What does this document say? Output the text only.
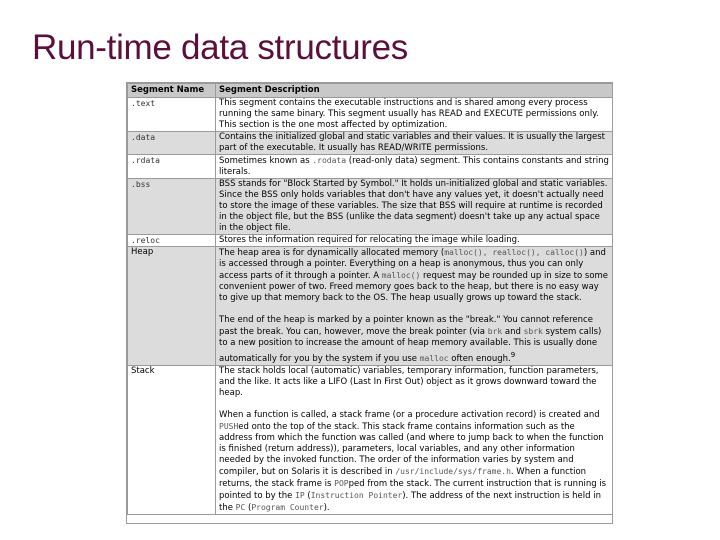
Run-time data structures
Segment Name	Segment Description
.text	This segment contains the executable instructions and is shared among every process running the same binary. This segment usually has READ and EXECUTE permissions only. This section is the one most affected by optimization.
.data	Contains the initialized global and static variables and their values. It is usually the largest part of the executable. It usually has READ/WRITE permissions.
.rdata	Sometimes known as .rodata (read-only data) segment. This contains constants and string literals.
.bss	BSS stands for "Block Started by Symbol." It holds un-initialized global and static variables. Since the BSS only holds variables that don't have any values yet, it doesn't actually need to store the image of these variables. The size that BSS will require at runtime is recorded in the object file, but the BSS (unlike the data segment) doesn't take up any actual space in the object file.
.reloc	Stores the information required for relocating the image while loading.
Heap	The heap area is for dynamically allocated memory (malloc(), realloc(), calloc()) and is accessed through a pointer. Everything on a heap is anonymous, thus you can only access parts of it through a pointer. A malloc() request may be rounded up in size to some convenient power of two. Freed memory goes back to the heap, but there is no easy way to give up that memory back to the OS. The heap usually grows up toward the stack.
The end of the heap is marked by a pointer known as the "break." You cannot reference past the break. You can, however, move the break pointer (via brk and sbrk system calls) to a new position to increase the amount of heap memory available. This is usually done automatically for you by the system if you use malloc often enough.$^9$

Stack	The stack holds local (automatic) variables, temporary information, function parameters, and the like. It acts like a LIFO (Last In First Out) object as it grows downward toward the heap.
When a function is called, a stack frame (or a procedure activation record) is created and PUSHed onto the top of the stack. This stack frame contains information such as the address from which the function was called (and where to jump back to when the function is finished (return address)), parameters, local variables, and any other information needed by the invoked function. The order of the information varies by system and compiler, but on Solaris it is described in /usr/include/sys/frame.h. When a function returns, the stack frame is POPped from the stack. The current instruction that is running is pointed to by the IP (Instruction Pointer). The address of the next instruction is held in the PC (Program Counter).
